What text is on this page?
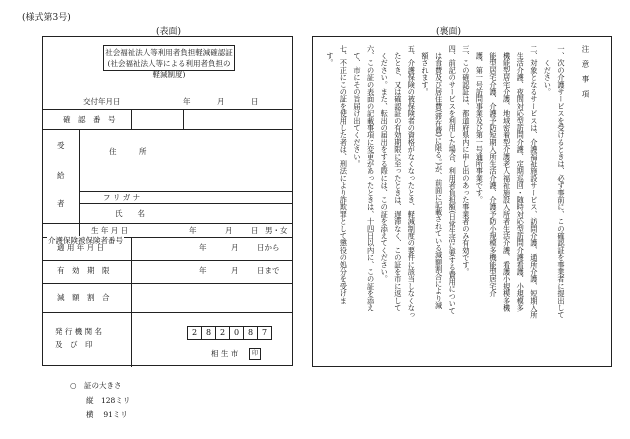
(様式第3号)
(表面)	(裏面)
社会福祉法人等利用者負担軽減確認証
(社会福祉法人等による利用者負担の軽減制度)
交付年月日	年	月	日
確　認　番　号
受
給
者
住　　　所
フ リ ガ ナ
氏　　名
生 年 月 日	年	月 日 男・女
介護保険被保険者番号
適 用 年 月 日	年	月 日から
有　効　期　限	年	月 日まで
減　額　割　合
発 行 機 関 名
及　び　印
2	8	2	0	8	7
相 生 市	印
注　意　事　項
一、次の介護サービスを受けるときは、必ず事前に、この確認証を事業者に提出して
　　ください。
二、対象となるサービスは、介護福祉施設サービス、訪問介護、通所介護、短期入所
　生活介護、夜間対応型訪問介護、定期巡回・随時対応型訪問介護看護、小規模多
　機能型居宅介護、地域密着型介護老人福祉施設入所者生活介護、看護小規模多機
　能型居宅介護、介護予防短期入所生活介護、介護予防小規模多機能型居宅介
　護、第一号訪問事業及び第一号通所事業です。
三、この確認証は、都道府県内に申し出のあった事業者のみ有効です。
四、前記のサービスを利用した場合、利用者負担額(日常生活に要する費用について
　は食費及び居住費(滞在費)に限る。)が、前面に記載されている減額割合により減
　額されます。
五、介護保険の被保険者の資格がなくなったとき、軽減制度の要件に該当しなくなっ
　たとき、又は確認証の有効期限に至ったときは、遅滞なく、この証を市に返して
　ください。また、転出の届出をする際には、この証を添えてください。
六、この証の表面の記載事項に変更があったときは、十四日以内に、この証を添え
　て、市にその旨届け出てください。
七、不正にこの証を使用した者は、刑法により詐欺罪として懲役の処分を受けま
　す。
○　証の大きさ
縦　128ミリ
横　 91ミリ
